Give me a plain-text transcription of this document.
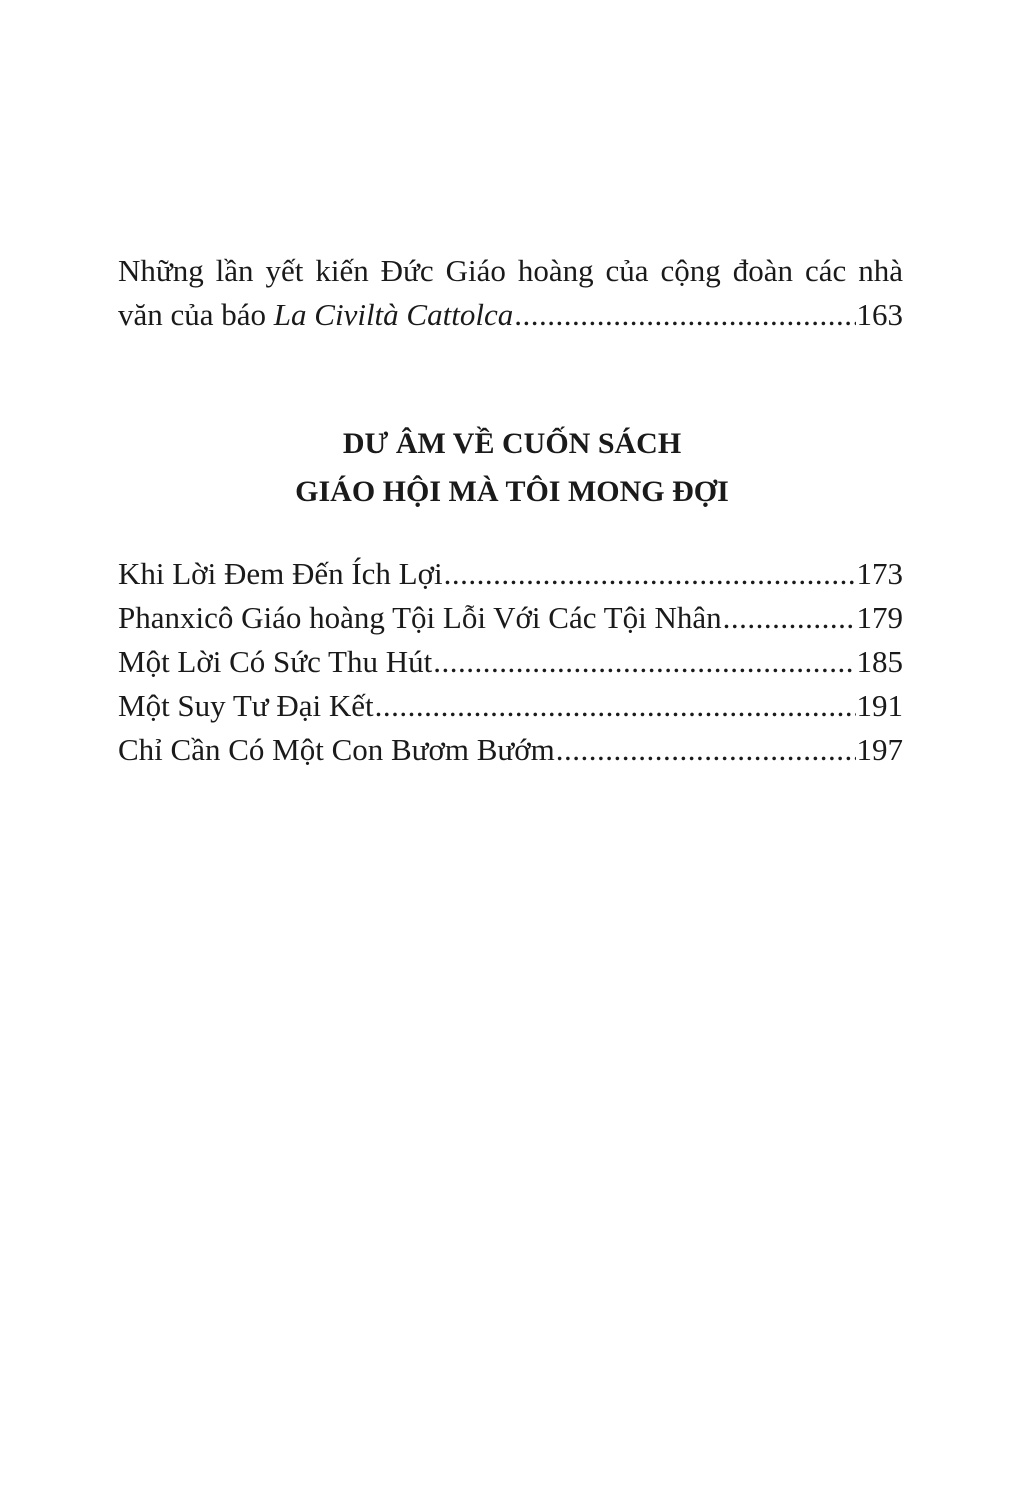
Những lần yết kiến Đức Giáo hoàng của cộng đoàn các nhà
văn của báo La Civiltà Cattolca .....	163
DƯ ÂM VỀ CUỐN SÁCH
GIÁO HỘI MÀ TÔI MONG ĐỢI
Khi Lời Đem Đến Ích Lợi .....	173
Phanxicô Giáo hoàng Tội Lỗi Với Các Tội Nhân .....	179
Một Lời Có Sức Thu Hút .....	185
Một Suy Tư Đại Kết .....	191
Chỉ Cần Có Một Con Bươm Bướm .....	197
